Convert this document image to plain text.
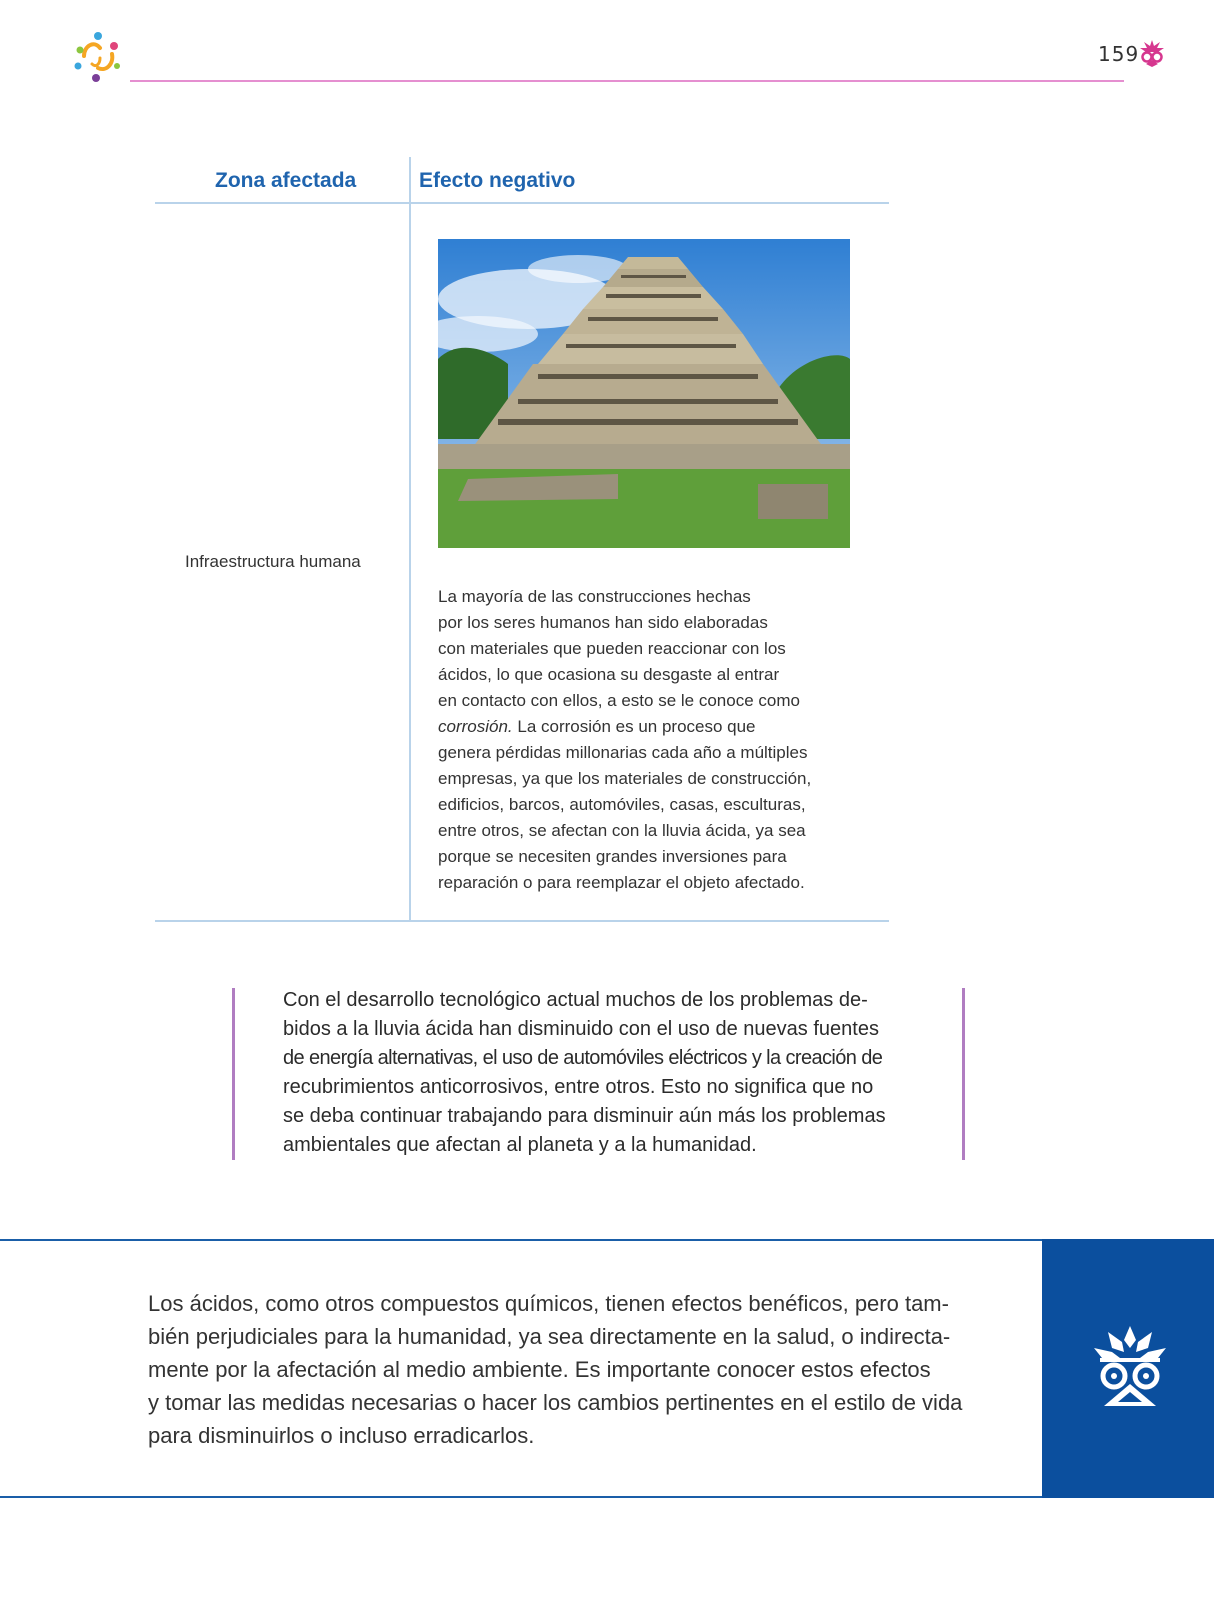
159
Zona afectada	Efecto negativo
Infraestructura humana

La mayoría de las construcciones hechas

por los seres humanos han sido elaboradas

con materiales que pueden reaccionar con los

ácidos, lo que ocasiona su desgaste al entrar

en contacto con ellos, a esto se le conoce como

corrosión. La corrosión es un proceso que

genera pérdidas millonarias cada año a múltiples

empresas, ya que los materiales de construcción,

edificios, barcos, automóviles, casas, esculturas,

entre otros, se afectan con la lluvia ácida, ya sea

porque se necesiten grandes inversiones para

reparación o para reemplazar el objeto afectado.

Con el desarrollo tecnológico actual muchos de los problemas de-

bidos a la lluvia ácida han disminuido con el uso de nuevas fuentes

de energía alternativas, el uso de automóviles eléctricos y la creación de

recubrimientos anticorrosivos, entre otros. Esto no significa que no

se deba continuar trabajando para disminuir aún más los problemas

ambientales que afectan al planeta y a la humanidad.

Los ácidos, como otros compuestos químicos, tienen efectos benéficos, pero tam-

bién perjudiciales para la humanidad, ya sea directamente en la salud, o indirecta-

mente por la afectación al medio ambiente. Es importante conocer estos efectos

y tomar las medidas necesarias o hacer los cambios pertinentes en el estilo de vida

para disminuirlos o incluso erradicarlos.
